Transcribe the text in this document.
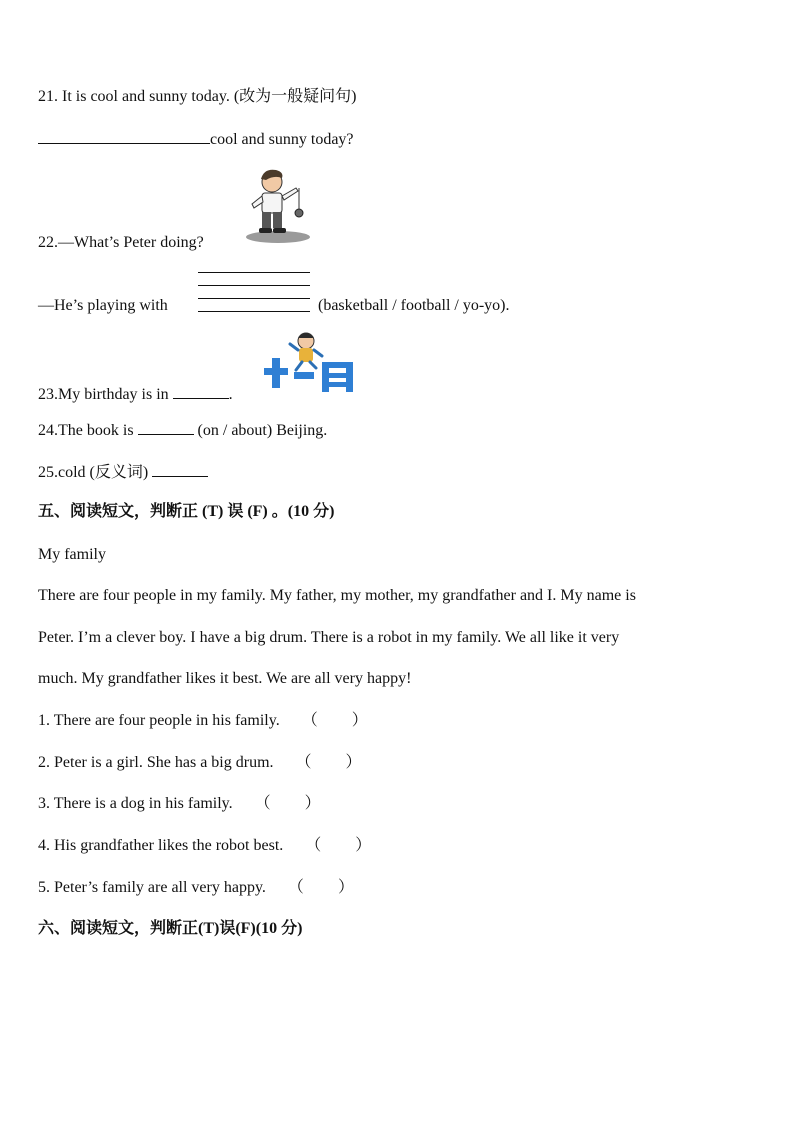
21. It is cool and sunny today. (改为一般疑问句)
cool and sunny today?
22.—What’s Peter doing?
—He’s playing with	(basketball / football / yo-yo).
23.My birthday is in	.
24.The book is	(on / about) Beijing.
25.cold (反义词)
五、阅读短文，判断正 (T) 误 (F) 。(10 分)
My family
There are four people in my family. My father, my mother, my grandfather and I. My name is
Peter. I’m a clever boy. I have a big drum. There is a robot in my family. We all like it very
much. My grandfather likes it best. We are all very happy!
1. There are four people in his family. （ ）
2. Peter is a girl. She has a big drum. （ ）
3. There is a dog in his family. （ ）
4. His grandfather likes the robot best. （ ）
5. Peter’s family are all very happy. （ ）
六、阅读短文，判断正(T)误(F)(10 分)
